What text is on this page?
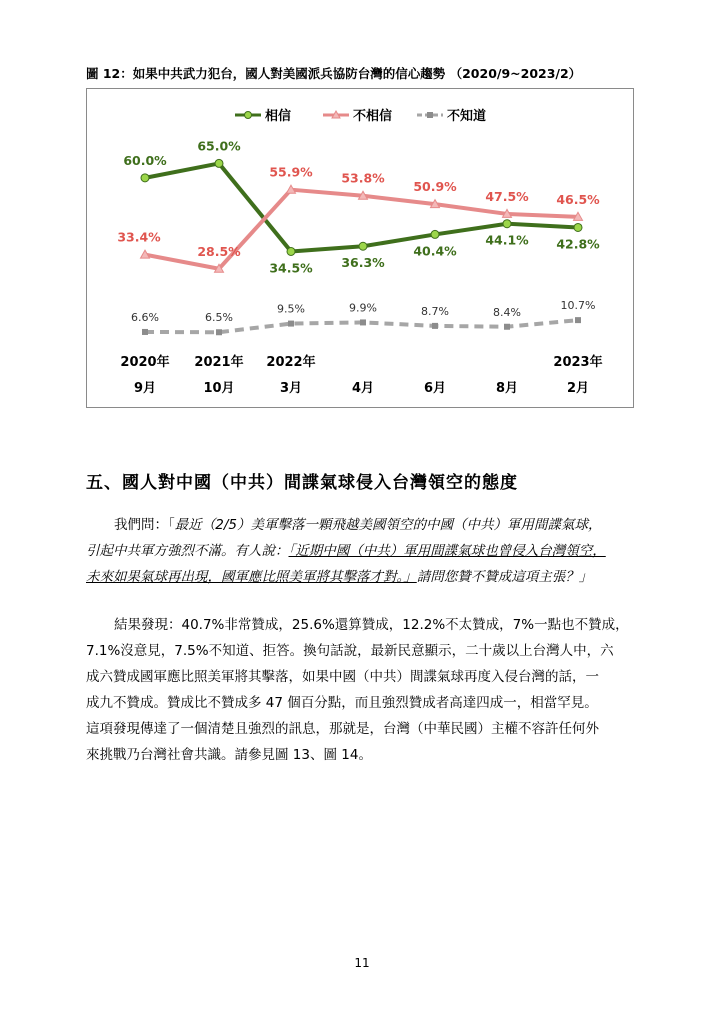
圖 12：如果中共武力犯台，國人對美國派兵協防台灣的信心趨勢 （2020/9~2023/2）
相信	不相信	不知道
60.0%
65.0%
34.5% 36.3%
40.4%
44.1% 42.8%
33.4%
28.5%
55.9% 53.8%
50.9%
47.5% 46.5%
6.6%	6.5%
9.5%	9.9%	8.7%	8.4%
10.7%
2020年
9月
2021年
10月
2022年
3月	4月	6月	8月
2023年
2月
五、國人對中國（中共）間諜氣球侵入台灣領空的態度
我們問：「最近（2/5）美軍擊落一顆飛越美國領空的中國（中共）軍用間諜氣球，
引起中共軍方強烈不滿。有人說：「近期中國（中共）軍用間諜氣球也曾侵入台灣領空，
未來如果氣球再出現，國軍應比照美軍將其擊落才對。」請問您贊不贊成這項主張？」
結果發現：40.7%非常贊成，25.6%還算贊成，12.2%不太贊成，7%一點也不贊成，
7.1%沒意見，7.5%不知道、拒答。換句話說，最新民意顯示，二十歲以上台灣人中，六
成六贊成國軍應比照美軍將其擊落，如果中國（中共）間諜氣球再度入侵台灣的話，一
成九不贊成。贊成比不贊成多 47 個百分點，而且強烈贊成者高達四成一，相當罕見。
這項發現傳達了一個清楚且強烈的訊息，那就是，台灣（中華民國）主權不容許任何外
來挑戰乃台灣社會共識。請參見圖 13、圖 14。
11
